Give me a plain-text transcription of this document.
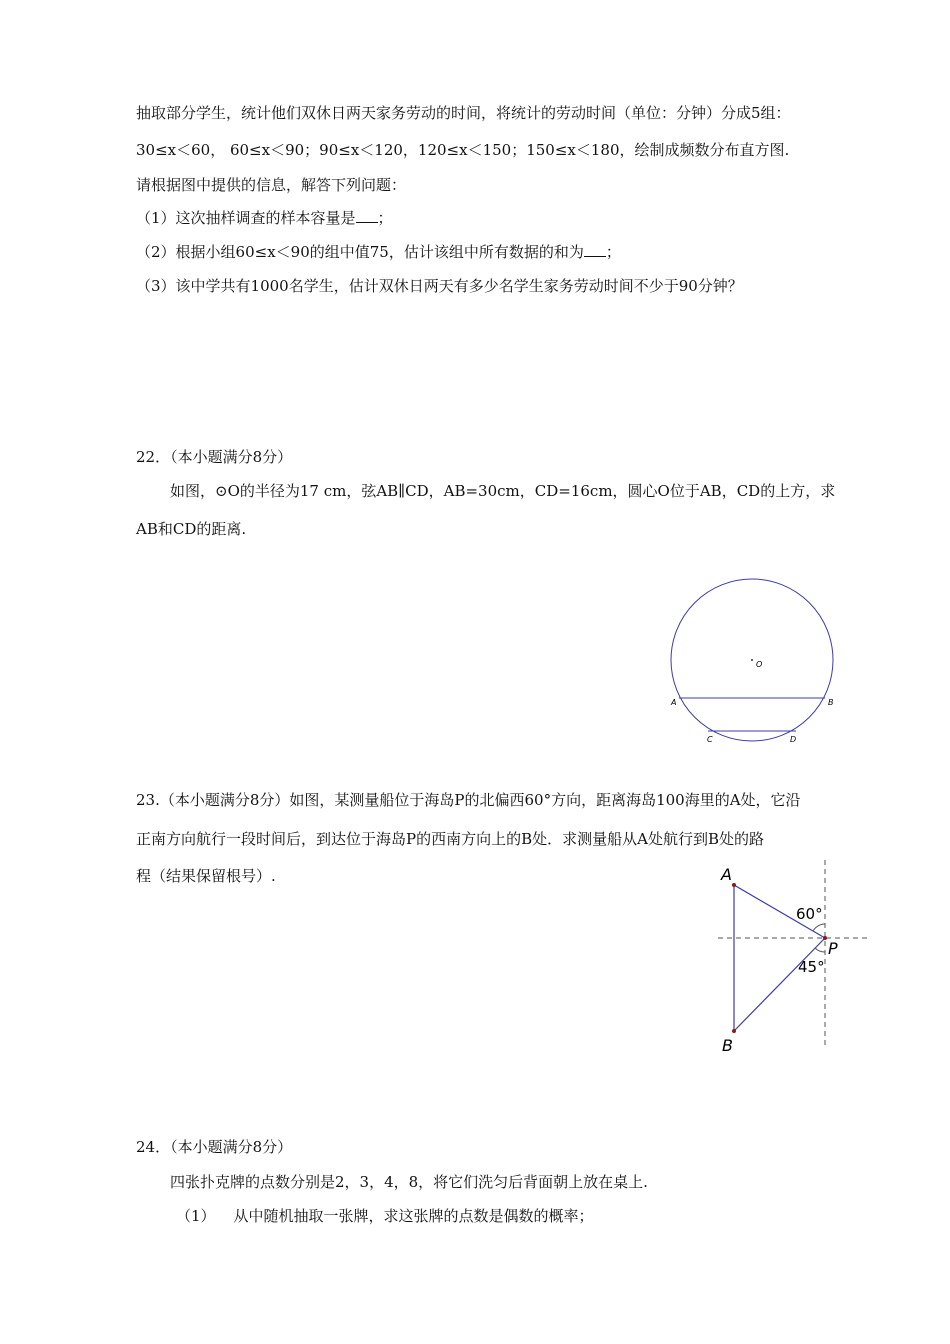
抽取部分学生，统计他们双休日两天家务劳动的时间，将统计的劳动时间（单位：分钟）分成5组：

30≤x＜60， 60≤x＜90；90≤x＜120，120≤x＜150；150≤x＜180，绘制成频数分布直方图.

请根据图中提供的信息，解答下列问题：

（1）这次抽样调查的样本容量是 ；

（2）根据小组60≤x＜90的组中值75，估计该组中所有数据的和为 ；

（3）该中学共有1000名学生，估计双休日两天有多少名学生家务劳动时间不少于90分钟？

22．（本小题满分8分）

如图，⊙O的半径为17 cm，弦AB∥CD，AB=30cm，CD=16cm，圆心O位于AB，CD的上方，求

AB和CD的距离.

O
A	B
C	D

23.（本小题满分8分）如图，某测量船位于海岛P的北偏西60°方向，距离海岛100海里的A处，它沿

正南方向航行一段时间后，到达位于海岛P的西南方向上的B处．求测量船从A处航行到B处的路

程（结果保留根号）.	A
B
P
60°
45°

24．（本小题满分8分）

四张扑克牌的点数分别是2，3，4，8，将它们洗匀后背面朝上放在桌上.

（1） 从中随机抽取一张牌，求这张牌的点数是偶数的概率；
